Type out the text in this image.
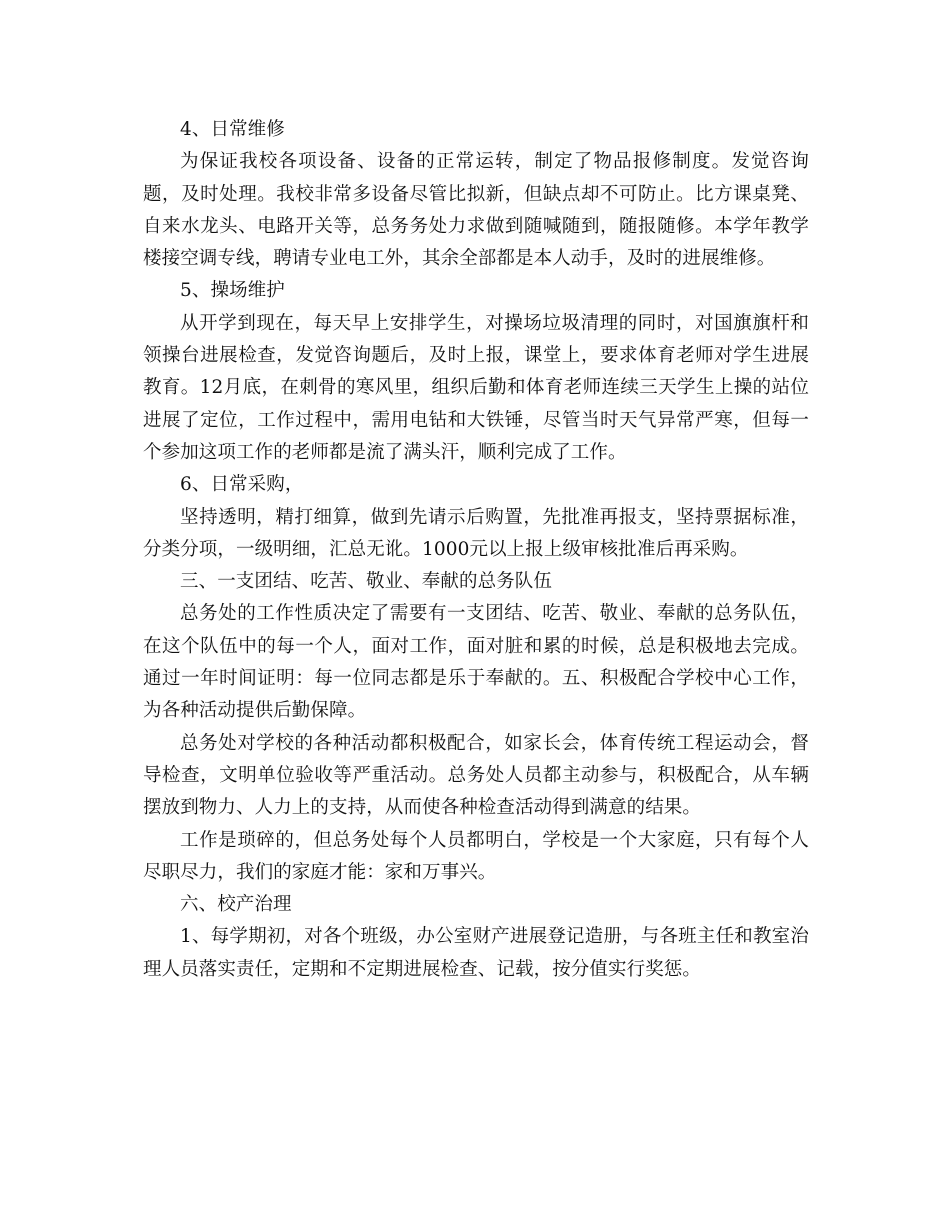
4、日常维修

为保证我校各项设备、设备的正常运转，制定了物品报修制度。发觉咨询题，及时处理。我校非常多设备尽管比拟新，但缺点却不可防止。比方课桌凳、自来水龙头、电路开关等，总务务处力求做到随喊随到，随报随修。本学年教学楼接空调专线，聘请专业电工外，其余全部都是本人动手，及时的进展维修。

5、操场维护

从开学到现在，每天早上安排学生，对操场垃圾清理的同时，对国旗旗杆和领操台进展检查，发觉咨询题后，及时上报，课堂上，要求体育老师对学生进展教育。12月底，在刺骨的寒风里，组织后勤和体育老师连续三天学生上操的站位进展了定位，工作过程中，需用电钻和大铁锤，尽管当时天气异常严寒，但每一个参加这项工作的老师都是流了满头汗，顺利完成了工作。

6、日常采购，

坚持透明，精打细算，做到先请示后购置，先批准再报支，坚持票据标准，分类分项，一级明细，汇总无讹。1000元以上报上级审核批准后再采购。

三、一支团结、吃苦、敬业、奉献的总务队伍

总务处的工作性质决定了需要有一支团结、吃苦、敬业、奉献的总务队伍，在这个队伍中的每一个人，面对工作，面对脏和累的时候，总是积极地去完成。通过一年时间证明：每一位同志都是乐于奉献的。五、积极配合学校中心工作，为各种活动提供后勤保障。

总务处对学校的各种活动都积极配合，如家长会，体育传统工程运动会，督导检查，文明单位验收等严重活动。总务处人员都主动参与，积极配合，从车辆摆放到物力、人力上的支持，从而使各种检查活动得到满意的结果。

工作是琐碎的，但总务处每个人员都明白，学校是一个大家庭，只有每个人尽职尽力，我们的家庭才能：家和万事兴。

六、校产治理

1、每学期初，对各个班级，办公室财产进展登记造册，与各班主任和教室治理人员落实责任，定期和不定期进展检查、记载，按分值实行奖惩。
